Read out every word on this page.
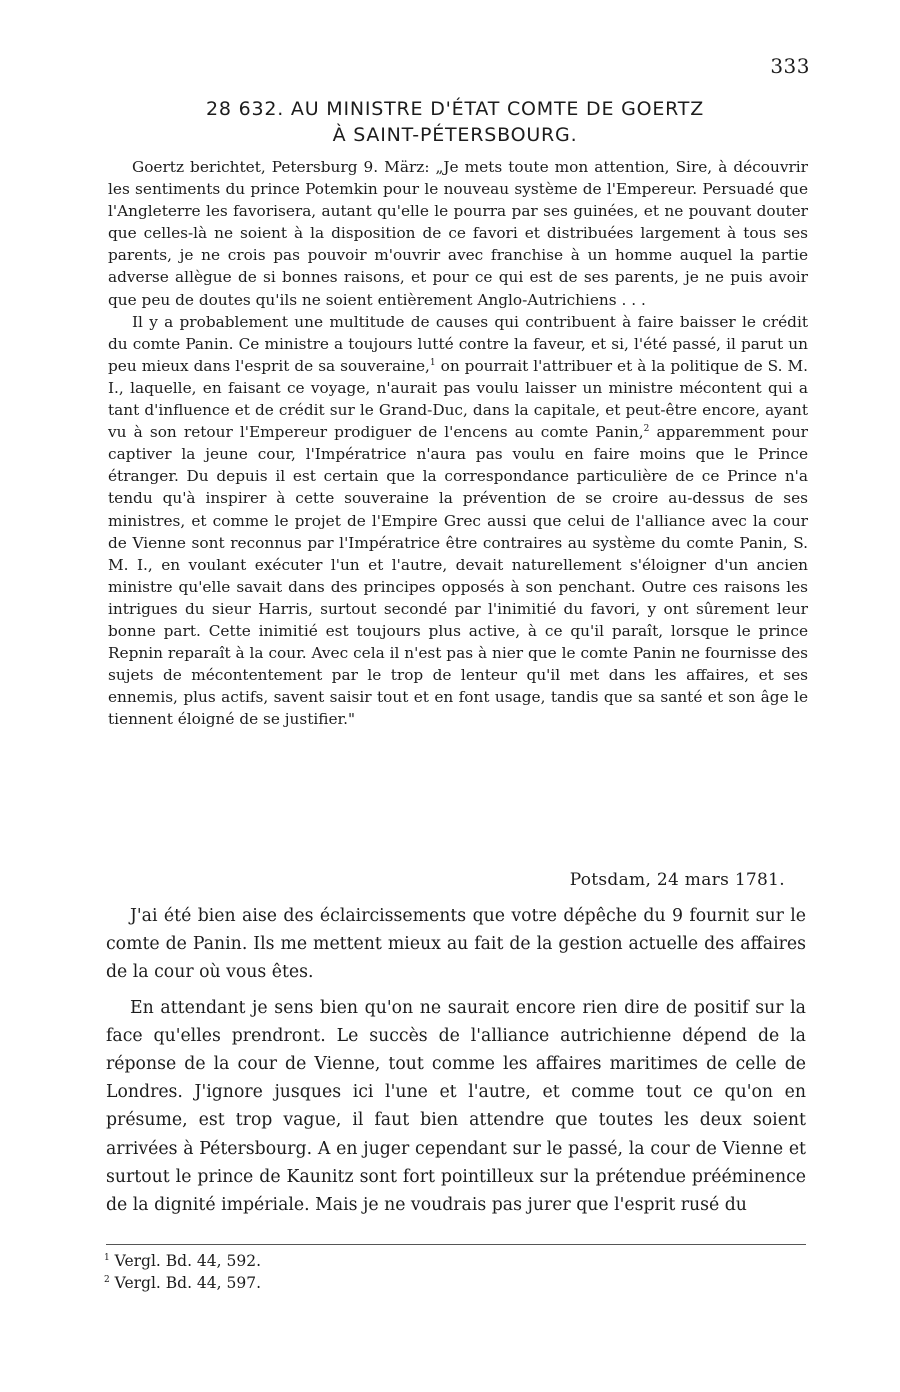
333
28 632. AU MINISTRE D'ÉTAT COMTE DE GOERTZ
À SAINT-PÉTERSBOURG.

Goertz berichtet, Petersburg 9. März: „Je mets toute mon attention, Sire, à découvrir les sentiments du prince Potemkin pour le nouveau système de l'Empereur. Persuadé que l'Angleterre les favorisera, autant qu'elle le pourra par ses guinées, et ne pouvant douter que celles-là ne soient à la disposition de ce favori et distribuées largement à tous ses parents, je ne crois pas pouvoir m'ouvrir avec franchise à un homme auquel la partie adverse allègue de si bonnes raisons, et pour ce qui est de ses parents, je ne puis avoir que peu de doutes qu'ils ne soient entièrement Anglo-Autrichiens . . .

Il y a probablement une multitude de causes qui contribuent à faire baisser le crédit du comte Panin. Ce ministre a toujours lutté contre la faveur, et si, l'été passé, il parut un peu mieux dans l'esprit de sa souveraine,$^1$ on pourrait l'attribuer et à la politique de S. M. I., laquelle, en faisant ce voyage, n'aurait pas voulu laisser un ministre mécontent qui a tant d'influence et de crédit sur le Grand-Duc, dans la capitale, et peut-être encore, ayant vu à son retour l'Empereur prodiguer de l'encens au comte Panin,$^2$ apparemment pour captiver la jeune cour, l'Impératrice n'aura pas voulu en faire moins que le Prince étranger. Du depuis il est certain que la correspondance particulière de ce Prince n'a tendu qu'à inspirer à cette souveraine la prévention de se croire au-dessus de ses ministres, et comme le projet de l'Empire Grec aussi que celui de l'alliance avec la cour de Vienne sont reconnus par l'Impératrice être contraires au système du comte Panin, S. M. I., en voulant exécuter l'un et l'autre, devait naturellement s'éloigner d'un ancien ministre qu'elle savait dans des principes opposés à son penchant. Outre ces raisons les intrigues du sieur Harris, surtout secondé par l'inimitié du favori, y ont sûrement leur bonne part. Cette inimitié est toujours plus active, à ce qu'il paraît, lorsque le prince Repnin reparaît à la cour. Avec cela il n'est pas à nier que le comte Panin ne fournisse des sujets de mécontentement par le trop de lenteur qu'il met dans les affaires, et ses ennemis, plus actifs, savent saisir tout et en font usage, tandis que sa santé et son âge le tiennent éloigné de se justifier."

Potsdam, 24 mars 1781.

J'ai été bien aise des éclaircissements que votre dépêche du 9 fournit sur le comte de Panin. Ils me mettent mieux au fait de la gestion actuelle des affaires de la cour où vous êtes.

En attendant je sens bien qu'on ne saurait encore rien dire de positif sur la face qu'elles prendront. Le succès de l'alliance autrichienne dépend de la réponse de la cour de Vienne, tout comme les affaires maritimes de celle de Londres. J'ignore jusques ici l'une et l'autre, et comme tout ce qu'on en présume, est trop vague, il faut bien attendre que toutes les deux soient arrivées à Pétersbourg. A en juger cependant sur le passé, la cour de Vienne et surtout le prince de Kaunitz sont fort pointilleux sur la prétendue prééminence de la dignité impériale. Mais je ne voudrais pas jurer que l'esprit rusé du

$^1$ Vergl. Bd. 44, 592.
$^2$ Vergl. Bd. 44, 597.
